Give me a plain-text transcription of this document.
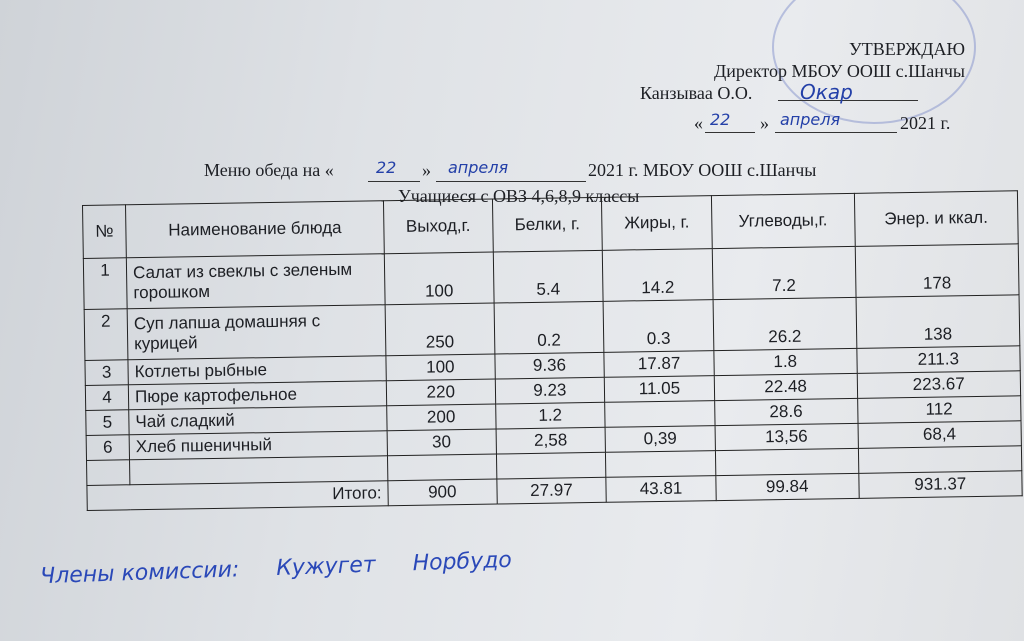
УТВЕРЖДАЮ
Директор МБОУ ООШ с.Шанчы
Канзываа О.О. Окар
« 22 » апреля	2021 г.
Меню обеда на «	22 » апреля	2021 г. МБОУ ООШ с.Шанчы
Учащиеся с ОВЗ 4,6,8,9 классы
№	Наименование блюда	Выход,г.	Белки, г.	Жиры, г.	Углеводы,г.	Энер. и ккал.
1	Салат из свеклы с зеленым горошком	100	5.4	14.2	7.2	178
2	Суп лапша домашняя с курицей	250	0.2	0.3	26.2	138
3	Котлеты рыбные	100	9.36	17.87	1.8	211.3
4	Пюре картофельное	220	9.23	11.05	22.48	223.67
5	Чай сладкий	200	1.2		28.6	112
6	Хлеб пшеничный	30	2,58	0,39	13,56	68,4

Итого:		900	27.97	43.81	99.84	931.37
Члены комиссии: Кужугет Норбудо
